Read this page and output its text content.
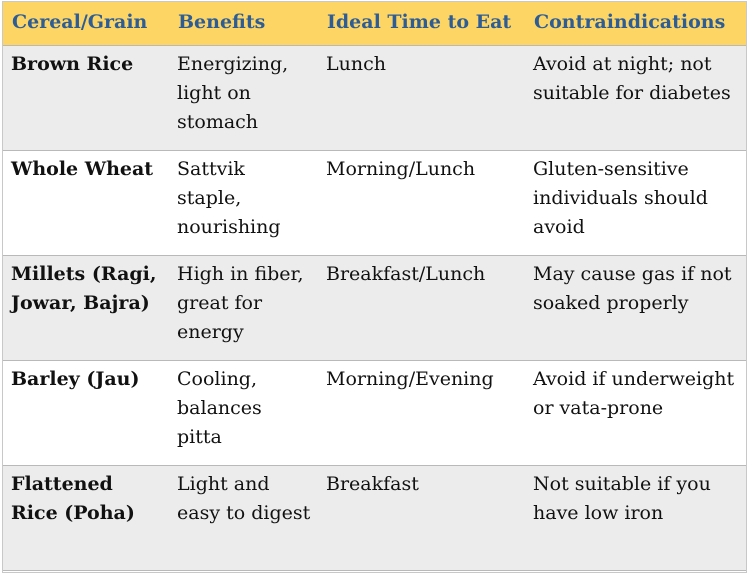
Cereal/Grain	Benefits	Ideal Time to Eat	Contraindications
Brown Rice	Energizing, light on stomach	Lunch	Avoid at night; not suitable for diabetes
Whole Wheat	Sattvik staple, nourishing	Morning/Lunch	Gluten-sensitive individuals should avoid
Millets (Ragi, Jowar, Bajra)	High in fiber, great for energy	Breakfast/Lunch	May cause gas if not soaked properly
Barley (Jau)	Cooling, balances pitta	Morning/Evening	Avoid if underweight or vata-prone
Flattened Rice (Poha)	Light and easy to digest	Breakfast	Not suitable if you have low iron
